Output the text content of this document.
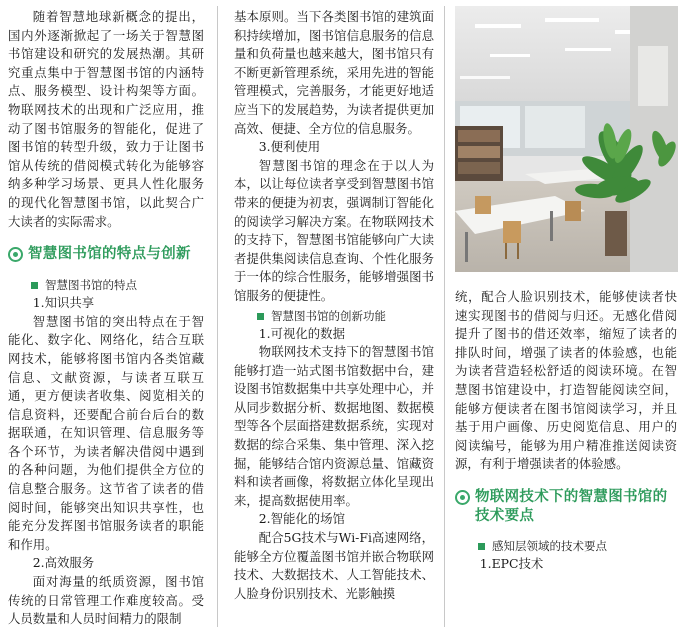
随着智慧地球新概念的提出，国内外逐渐掀起了一场关于智慧图书馆建设和研究的发展热潮。其研究重点集中于智慧图书馆的内涵特点、服务模型、设计构架等方面。物联网技术的出现和广泛应用，推动了图书馆服务的智能化，促进了图书馆的转型升级，致力于让图书馆从传统的借阅模式转化为能够容纳多种学习场景、更具人性化服务的现代化智慧图书馆，以此契合广大读者的实际需求。

智慧图书馆的特点与创新
智慧图书馆的特点

1.知识共享

智慧图书馆的突出特点在于智能化、数字化、网络化，结合互联网技术，能够将图书馆内各类馆藏信息、文献资源，与读者互联互通，更方便读者收集、阅览相关的信息资料，还要配合前台后台的数据联通，在知识管理、信息服务等各个环节，为读者解决借阅中遇到的各种问题，为他们提供全方位的信息整合服务。这节省了读者的借阅时间，能够突出知识共享性，也能充分发挥图书馆服务读者的职能和作用。

2.高效服务

面对海量的纸质资源，图书馆传统的日常管理工作难度较高。受人员数量和人员时间精力的限制

基本原则。当下各类图书馆的建筑面积持续增加，图书馆信息服务的信息量和负荷量也越来越大，图书馆只有不断更新管理系统，采用先进的智能管理模式，完善服务，才能更好地适应当下的发展趋势，为读者提供更加高效、便捷、全方位的信息服务。

3.便利使用

智慧图书馆的理念在于以人为本，以让每位读者享受到智慧图书馆带来的便捷为初衷，强调制订智能化的阅读学习解决方案。在物联网技术的支持下，智慧图书馆能够向广大读者提供集阅读信息查询、个性化服务于一体的综合性服务，能够增强图书馆服务的便捷性。

智慧图书馆的创新功能

1.可视化的数据

物联网技术支持下的智慧图书馆能够打造一站式图书馆数据中台，建设图书馆数据集中共享处理中心，并从同步数据分析、数据地图、数据模型等各个层面搭建数据系统，实现对数据的综合采集、集中管理、深入挖掘，能够结合馆内资源总量、馆藏资料和读者画像，将数据立体化呈现出来，提高数据使用率。

2.智能化的场馆

配合5G技术与Wi-Fi高速网络，能够全方位覆盖图书馆并嵌合物联网技术、大数据技术、人工智能技术、人脸身份识别技术、光影触摸

统，配合人脸识别技术，能够使读者快速实现图书的借阅与归还。无感化借阅提升了图书的借还效率，缩短了读者的排队时间，增强了读者的体验感，也能为读者营造轻松舒适的阅读环境。在智慧图书馆建设中，打造智能阅读空间，能够方便读者在图书馆阅读学习，并且基于用户画像、历史阅览信息、用户的阅读编号，能够为用户精准推送阅读资源，有利于增强读者的体验感。

物联网技术下的智慧图书馆的技术要点
感知层领域的技术要点

1.EPC技术
